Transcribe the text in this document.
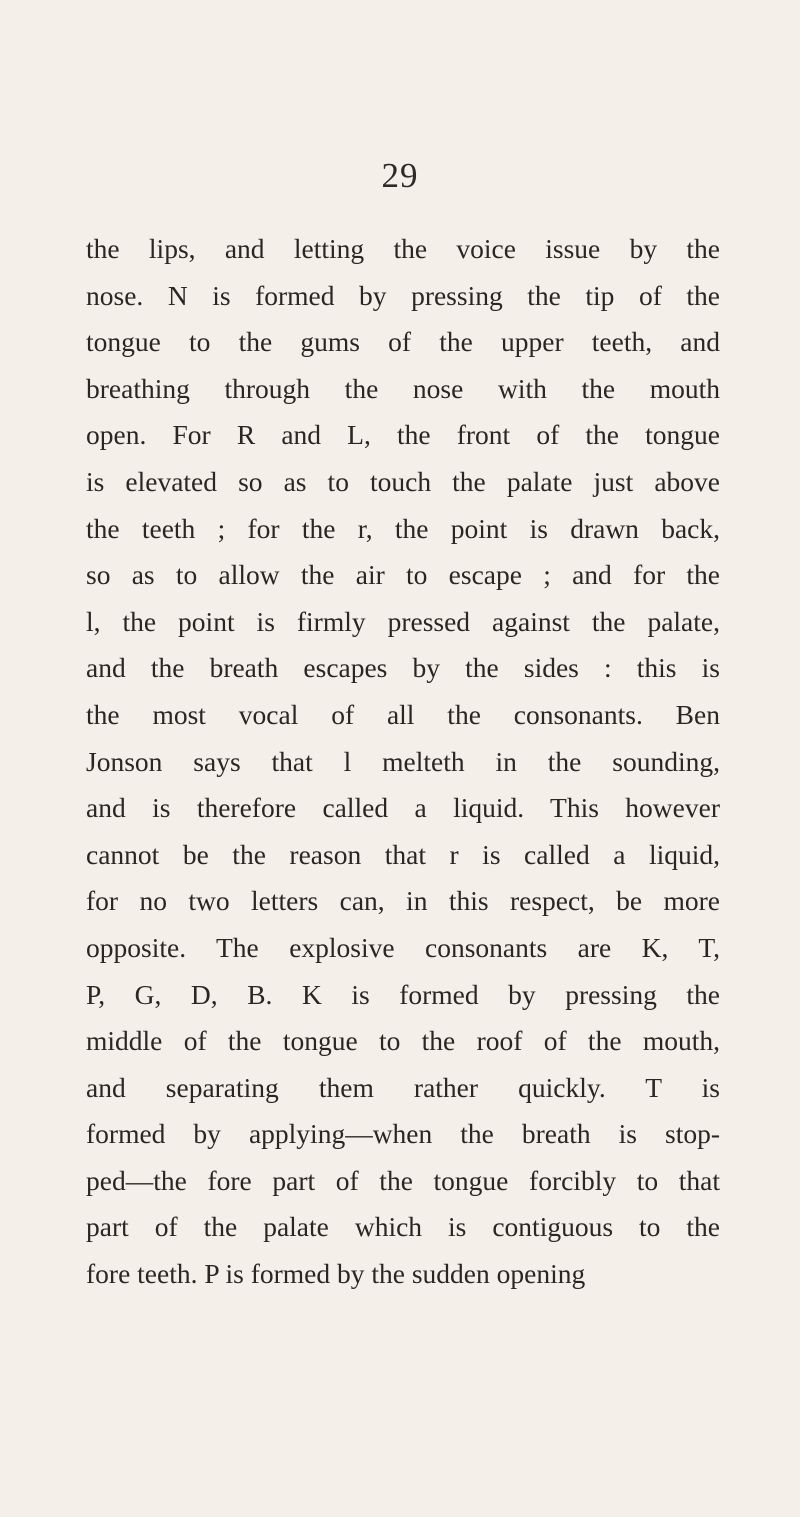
29
the lips, and letting the voice issue by the
nose. N is formed by pressing the tip of the
tongue to the gums of the upper teeth, and
breathing through the nose with the mouth
open. For R and L, the front of the tongue
is elevated so as to touch the palate just above
the teeth ; for the r, the point is drawn back,
so as to allow the air to escape ; and for the
l, the point is firmly pressed against the palate,
and the breath escapes by the sides : this is
the most vocal of all the consonants. Ben
Jonson says that l melteth in the sounding,
and is therefore called a liquid. This however
cannot be the reason that r is called a liquid,
for no two letters can, in this respect, be more
opposite. The explosive consonants are K, T,
P, G, D, B. K is formed by pressing the
middle of the tongue to the roof of the mouth,
and separating them rather quickly. T is
formed by applying—when the breath is stop-
ped—the fore part of the tongue forcibly to that
part of the palate which is contiguous to the
fore teeth. P is formed by the sudden opening
